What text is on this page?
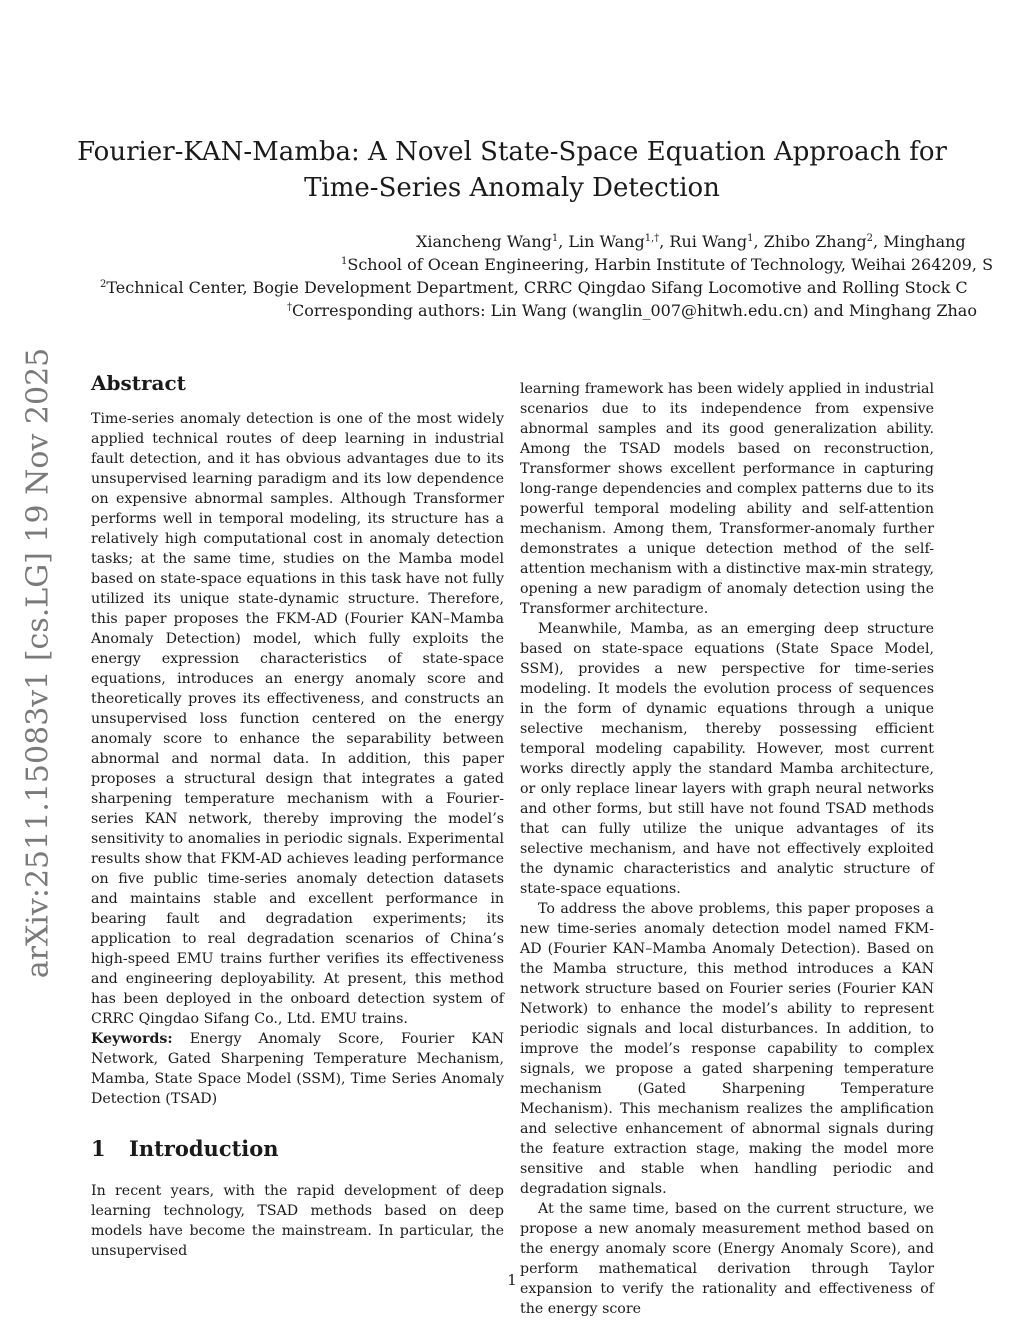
Fourier-KAN-Mamba: A Novel State-Space Equation Approach for
Time-Series Anomaly Detection
Xiancheng Wang$^1$, Lin Wang$^{1,\dagger}$, Rui Wang$^1$, Zhibo Zhang$^2$, Minghang
$^1$School of Ocean Engineering, Harbin Institute of Technology, Weihai 264209, S
$^2$Technical Center, Bogie Development Department, CRRC Qingdao Sifang Locomotive and Rolling Stock C
†Corresponding authors: Lin Wang (wanglin_007@hitwh.edu.cn) and Minghang Zhao
arXiv:2511.15083v1 [cs.LG] 19 Nov 2025 Abstract

Time-series anomaly detection is one of the most widely applied technical routes of deep learning in industrial fault detection, and it has obvious advantages due to its unsupervised learning paradigm and its low dependence on expensive abnormal samples. Although Transformer performs well in temporal modeling, its structure has a relatively high computational cost in anomaly detection tasks; at the same time, studies on the Mamba model based on state-space equations in this task have not fully utilized its unique state-dynamic structure. Therefore, this paper proposes the FKM-AD (Fourier KAN–Mamba Anomaly Detection) model, which fully exploits the energy expression characteristics of state-space equations, introduces an energy anomaly score and theoretically proves its effectiveness, and constructs an unsupervised loss function centered on the energy anomaly score to enhance the separability between abnormal and normal data. In addition, this paper proposes a structural design that integrates a gated sharpening temperature mechanism with a Fourier-series KAN network, thereby improving the model’s sensitivity to anomalies in periodic signals. Experimental results show that FKM-AD achieves leading performance on five public time-series anomaly detection datasets and maintains stable and excellent performance in bearing fault and degradation experiments; its application to real degradation scenarios of China’s high-speed EMU trains further verifies its effectiveness and engineering deployability. At present, this method has been deployed in the onboard detection system of CRRC Qingdao Sifang Co., Ltd. EMU trains.

Keywords: Energy Anomaly Score, Fourier KAN Network, Gated Sharpening Temperature Mechanism, Mamba, State Space Model (SSM), Time Series Anomaly Detection (TSAD)

1 Introduction

In recent years, with the rapid development of deep learning technology, TSAD methods based on deep models have become the mainstream. In particular, the unsupervised

learning framework has been widely applied in industrial scenarios due to its independence from expensive abnormal samples and its good generalization ability. Among the TSAD models based on reconstruction, Transformer shows excellent performance in capturing long-range dependencies and complex patterns due to its powerful temporal modeling ability and self-attention mechanism. Among them, Transformer-anomaly further demonstrates a unique detection method of the self-attention mechanism with a distinctive max-min strategy, opening a new paradigm of anomaly detection using the Transformer architecture.

Meanwhile, Mamba, as an emerging deep structure based on state-space equations (State Space Model, SSM), provides a new perspective for time-series modeling. It models the evolution process of sequences in the form of dynamic equations through a unique selective mechanism, thereby possessing efficient temporal modeling capability. However, most current works directly apply the standard Mamba architecture, or only replace linear layers with graph neural networks and other forms, but still have not found TSAD methods that can fully utilize the unique advantages of its selective mechanism, and have not effectively exploited the dynamic characteristics and analytic structure of state-space equations.

To address the above problems, this paper proposes a new time-series anomaly detection model named FKM-AD (Fourier KAN–Mamba Anomaly Detection). Based on the Mamba structure, this method introduces a KAN network structure based on Fourier series (Fourier KAN Network) to enhance the model’s ability to represent periodic signals and local disturbances. In addition, to improve the model’s response capability to complex signals, we propose a gated sharpening temperature mechanism (Gated Sharpening Temperature Mechanism). This mechanism realizes the amplification and selective enhancement of abnormal signals during the feature extraction stage, making the model more sensitive and stable when handling periodic and degradation signals.

At the same time, based on the current structure, we propose a new anomaly measurement method based on the energy anomaly score (Energy Anomaly Score), and perform mathematical derivation through Taylor expansion to verify the rationality and effectiveness of the energy score

1
